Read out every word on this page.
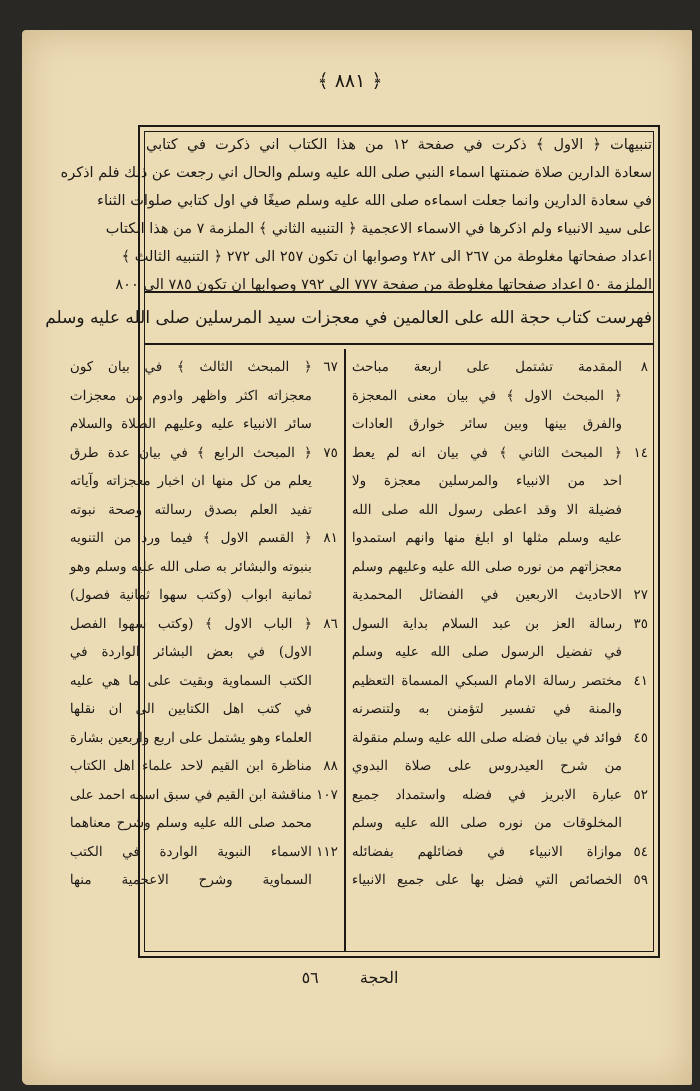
﴿ ٨٨١ ﴾
تنبيهات ﴿ الاول ﴾ ذكرت في صفحة ١٢ من هذا الكتاب اني ذكرت في كتابي
سعادة الدارين صلاة ضمنتها اسماء النبي صلى الله عليه وسلم والحال اني رجعت عن ذلك فلم اذكره
في سعادة الدارين وانما جعلت اسماءه صلى الله عليه وسلم صيغًا في اول كتابي صلوات الثناء
على سيد الانبياء ولم اذكرها في الاسماء الاعجمية ﴿ التنبيه الثاني ﴾ الملزمة ٧ من هذا الكتاب
اعداد صفحاتها مغلوطة من ٢٦٧ الى ٢٨٢ وصوابها ان تكون ٢٥٧ الى ٢٧٢ ﴿ التنبيه الثالث ﴾
الملزمة ٥٠ اعداد صفحاتها مغلوطة من صفحة ٧٧٧ الى ٧٩٢ وصوابها ان تكون ٧٨٥ الى ٨٠٠
فهرست كتاب حجة الله على العالمين في معجزات سيد المرسلين صلى الله عليه وسلم
٨
المقدمة تشتمل على اربعة مباحث
﴿ المبحث الاول ﴾ في بيان معنى المعجزة
والفرق بينها وبين سائر خوارق العادات
١٤
﴿ المبحث الثاني ﴾ في بيان انه لم يعط
احد من الانبياء والمرسلين معجزة ولا
فضيلة الا وقد اعطى رسول الله صلى الله
عليه وسلم مثلها او ابلغ منها وانهم استمدوا
معجزاتهم من نوره صلى الله عليه وعليهم وسلم
٢٧
الاحاديث الاربعين في الفضائل المحمدية
٣٥
رسالة العز بن عبد السلام بداية السول
في تفضيل الرسول صلى الله عليه وسلم
٤١
مختصر رسالة الامام السبكي المسماة التعظيم
والمنة في تفسير لتؤمنن به ولتنصرنه
٤٥
فوائد في بيان فضله صلى الله عليه وسلم منقولة
من شرح العيدروس على صلاة البدوي
٥٢
عبارة الابريز في فضله واستمداد جميع
المخلوقات من نوره صلى الله عليه وسلم
٥٤
موازاة الانبياء في فضائلهم بفضائله
٥٩
الخصائص التي فضل بها على جميع الانبياء
٦٧
﴿ المبحث الثالث ﴾ في بيان كون
معجزاته اكثر واظهر وادوم من معجزات
سائر الانبياء عليه وعليهم الصلاة والسلام
٧٥
﴿ المبحث الرابع ﴾ في بيان عدة طرق
يعلم من كل منها ان اخبار معجزاته وآياته
تفيد العلم بصدق رسالته وصحة نبوته
٨١
﴿ القسم الاول ﴾ فيما ورد من التنويه
بنبوته والبشائر به صلى الله عليه وسلم وهو
ثمانية ابواب (وكتب سهوا ثمانية فصول)
٨٦
﴿ الباب الاول ﴾ (وكتب سهوا الفصل
الاول) في بعض البشائر الواردة في
الكتب السماوية وبقيت على ما هي عليه
في كتب اهل الكتابين الى ان نقلها
العلماء وهو يشتمل على اربع واربعين بشارة
٨٨
مناظرة ابن القيم لاحد علماء اهل الكتاب
١٠٧
مناقشة ابن القيم في سبق اسمه احمد على
محمد صلى الله عليه وسلم وشرح معناهما
١١٢
الاسماء النبوية الواردة في الكتب
السماوية وشرح الاعجمية منها
الحجة ٥٦
